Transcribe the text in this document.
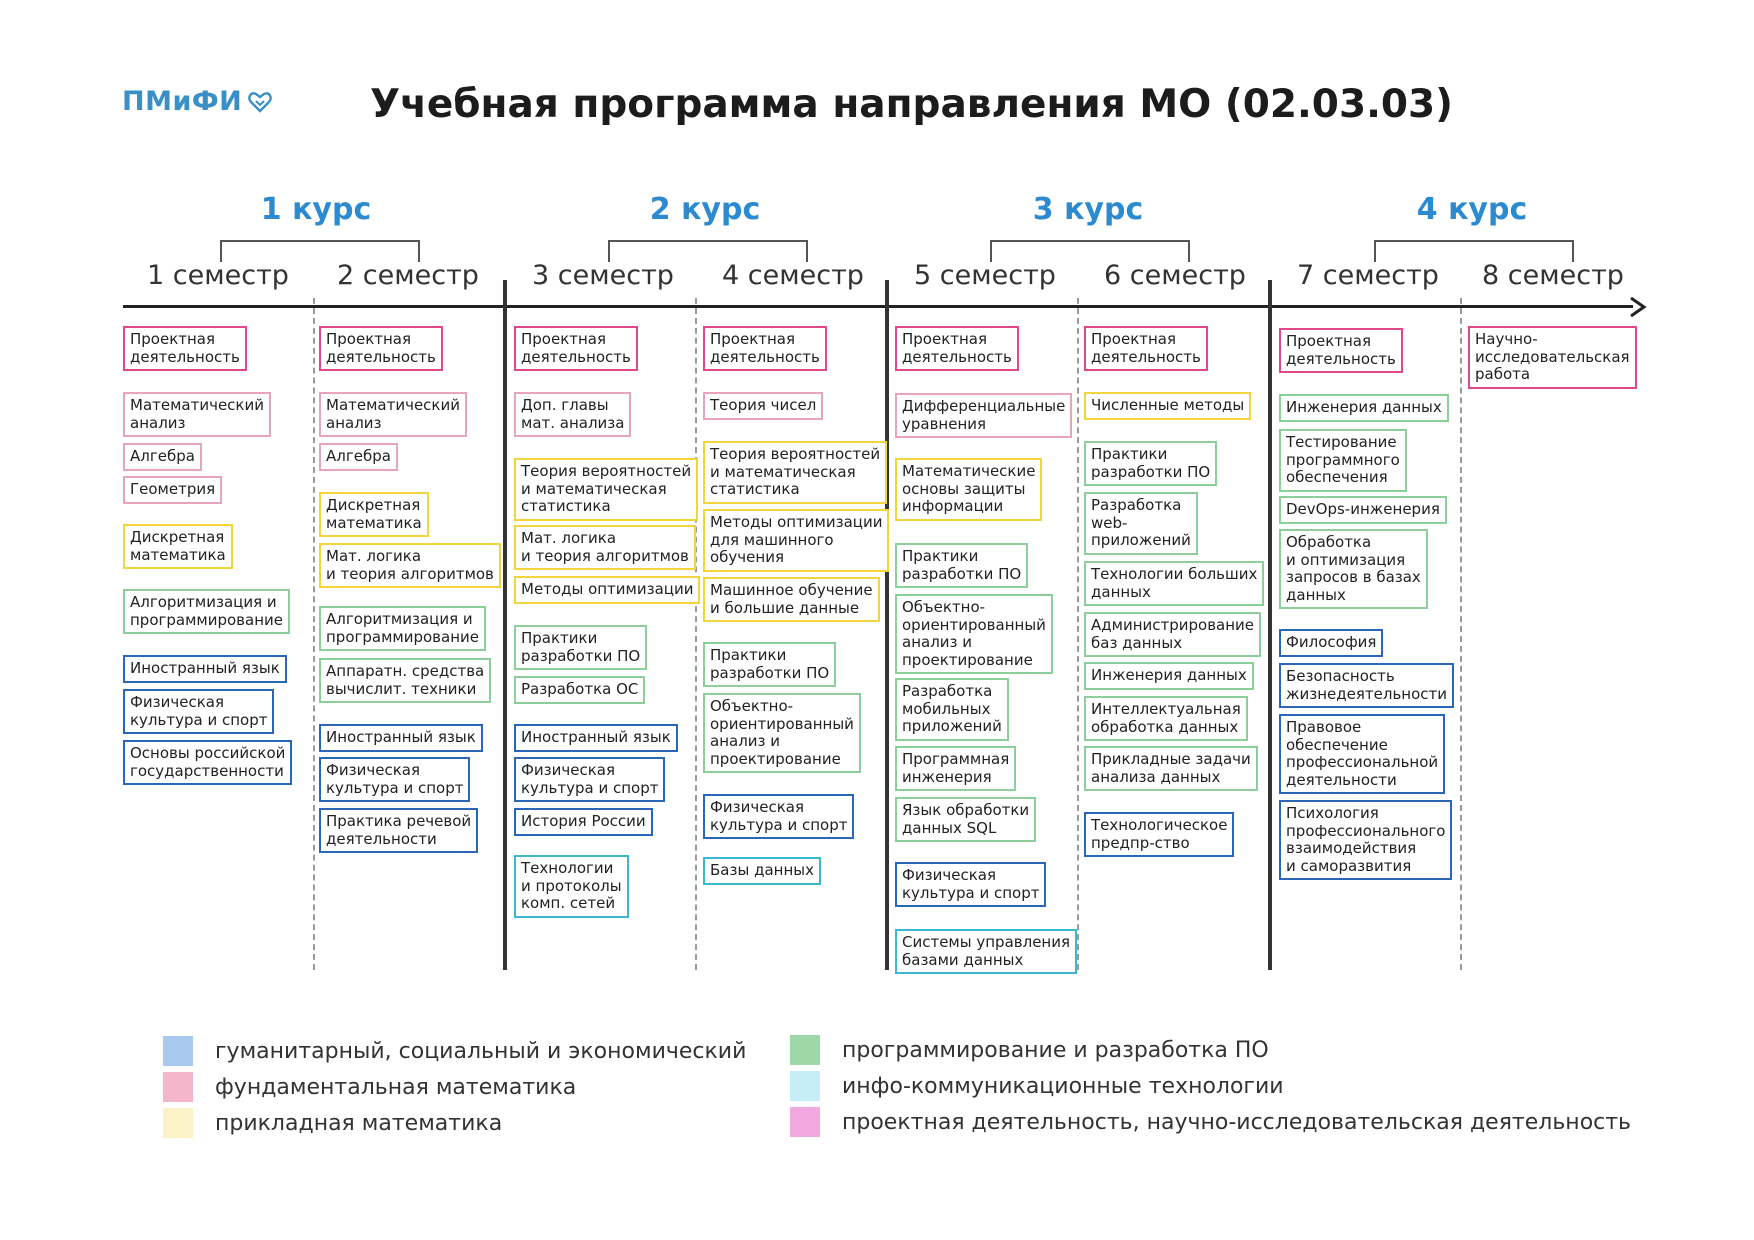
ПМиФИ	Учебная программа направления МО (02.03.03)
1 курс	2 курс	3 курс	4 курс
1 семестр	2 семестр	3 семестр	4 семестр	5 семестр	6 семестр	7 семестр	8 семестр
Проектная
деятельность
Математический
анализ
Алгебра
Геометрия
Дискретная
математика
Алгоритмизация и
программирование
Иностранный язык
Физическая
культура и спорт
Основы российской
государственности
Проектная
деятельность
Математический
анализ
Алгебра
Дискретная
математика
Мат. логика
и теория алгоритмов
Алгоритмизация и
программирование
Аппаратн. средства
вычислит. техники
Иностранный язык
Физическая
культура и спорт
Практика речевой
деятельности
Проектная
деятельность
Доп. главы
мат. анализа
Теория вероятностей
и математическая
статистика
Мат. логика
и теория алгоритмов
Методы оптимизации
Практики
разработки ПО
Разработка ОС
Иностранный язык
Физическая
культура и спорт
История России
Технологии
и протоколы
комп. сетей
Проектная
деятельность
Теория чисел
Теория вероятностей
и математическая
статистика
Методы оптимизации
для машинного
обучения
Машинное обучение
и большие данные
Практики
разработки ПО
Объектно-
ориентированный
анализ и
проектирование
Физическая
культура и спорт
Базы данных
Проектная
деятельность
Дифференциальные
уравнения
Математические
основы защиты
информации
Практики
разработки ПО
Объектно-
ориентированный
анализ и
проектирование
Разработка
мобильных
приложений
Программная
инженерия
Язык обработки
данных SQL
Физическая
культура и спорт
Системы управления
базами данных
Проектная
деятельность
Численные методы
Практики
разработки ПО
Разработка
web-
приложений
Технологии больших
данных
Администрирование
баз данных
Инженерия данных
Интеллектуальная
обработка данных
Прикладные задачи
анализа данных
Технологическое
предпр-ство
Проектная
деятельность
Инженерия данных
Тестирование
программного
обеспечения
DevOps-инженерия
Обработка
и оптимизация
запросов в базах
данных
Философия
Безопасность
жизнедеятельности
Правовое
обеспечение
профессиональной
деятельности
Психология
профессионального
взаимодействия
и саморазвития
Научно-
исследовательская
работа
гуманитарный, социальный и экономический
фундаментальная математика
прикладная математика
программирование и разработка ПО
инфо-коммуникационные технологии
проектная деятельность, научно-исследовательская деятельность
